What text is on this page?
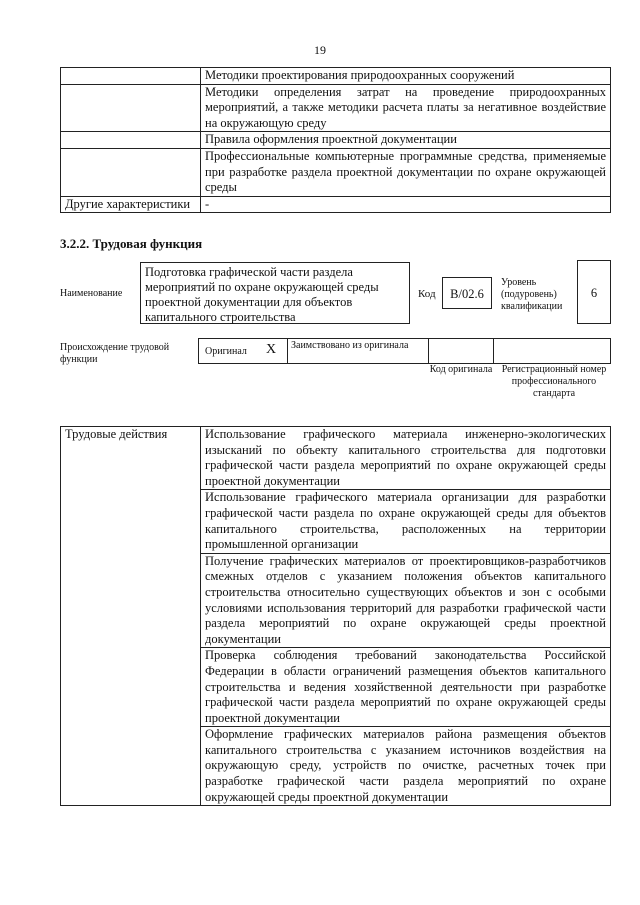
19
	Методики проектирования природоохранных сооружений
	Методики определения затрат на проведение природоохранных мероприятий, а также методики расчета платы за негативное воздействие на окружающую среду
	Правила оформления проектной документации
	Профессиональные компьютерные программные средства, применяемые при разработке раздела проектной документации по охране окружающей среды
Другие характеристики	-
3.2.2. Трудовая функция
Наименование
Подготовка графической части раздела мероприятий по охране окружающей среды проектной документации для объектов капитального строительства
Код	B/02.6
Уровень (подуровень) квалификации
6
Происхождение трудовой функции
Оригинал X	Заимствовано из оригинала
Код оригинала Регистрационный номер профессионального стандарта
Трудовые действия	Использование графического материала инженерно-экологических изысканий по объекту капитального строительства для подготовки графической части раздела мероприятий по охране окружающей среды проектной документации
Использование графического материала организации для разработки графической части раздела по охране окружающей среды для объектов капитального строительства, расположенных на территории промышленной организации
Получение графических материалов от проектировщиков-разработчиков смежных отделов с указанием положения объектов капитального строительства относительно существующих объектов и зон с особыми условиями использования территорий для разработки графической части раздела мероприятий по охране окружающей среды проектной документации
Проверка соблюдения требований законодательства Российской Федерации в области ограничений размещения объектов капитального строительства и ведения хозяйственной деятельности при разработке графической части раздела мероприятий по охране окружающей среды проектной документации
Оформление графических материалов района размещения объектов капитального строительства с указанием источников воздействия на окружающую среду, устройств по очистке, расчетных точек при разработке графической части раздела мероприятий по охране окружающей среды проектной документации
